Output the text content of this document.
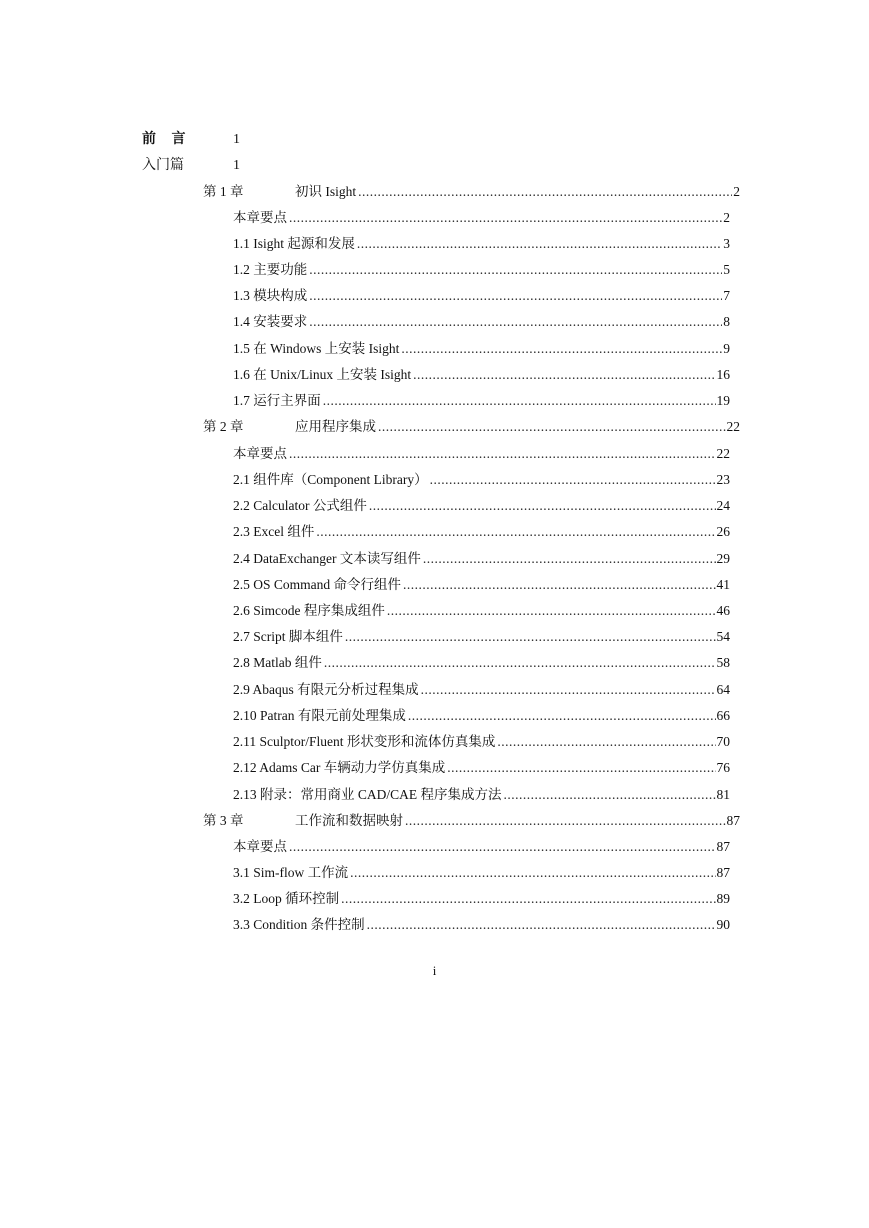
前 言	1
入门篇	1
第 1 章	初识 Isight .....	2
本章要点 .....	2
1.1 Isight 起源和发展 .....	3
1.2 主要功能 .....	5
1.3 模块构成 .....	7
1.4 安装要求 .....	8
1.5 在 Windows 上安装 Isight .....	9
1.6 在 Unix/Linux 上安装 Isight .....	16
1.7 运行主界面 .....	19
第 2 章	应用程序集成 .....	22
本章要点 .....	22
2.1 组件库（Component Library） .....	23
2.2 Calculator 公式组件 .....	24
2.3 Excel 组件 .....	26
2.4 DataExchanger 文本读写组件 .....	29
2.5 OS Command 命令行组件 .....	41
2.6 Simcode 程序集成组件 .....	46
2.7 Script 脚本组件 .....	54
2.8 Matlab 组件 .....	58
2.9 Abaqus 有限元分析过程集成 .....	64
2.10 Patran 有限元前处理集成 .....	66
2.11 Sculptor/Fluent 形状变形和流体仿真集成 .....	70
2.12 Adams Car 车辆动力学仿真集成 .....	76
2.13 附录：常用商业 CAD/CAE 程序集成方法 .....	81
第 3 章	工作流和数据映射 .....	87
本章要点 .....	87
3.1 Sim-flow 工作流 .....	87
3.2 Loop 循环控制 .....	89
3.3 Condition 条件控制 .....	90
i
